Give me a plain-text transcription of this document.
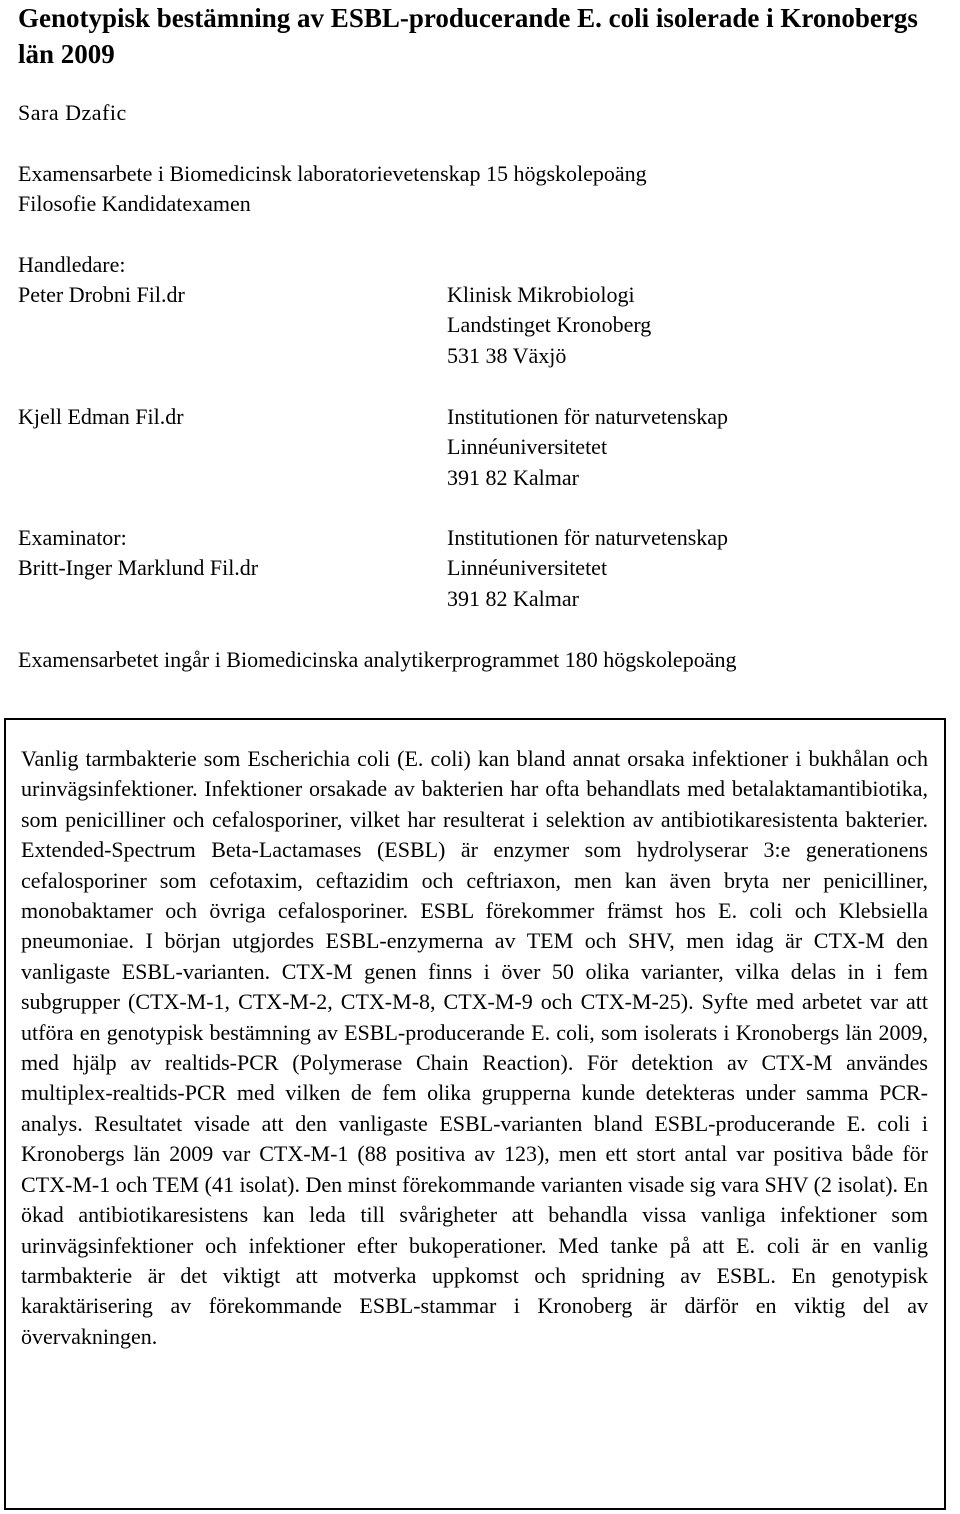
Genotypisk bestämning av ESBL-producerande E. coli isolerade i Kronobergs län 2009

Sara Dzafic

Examensarbete i Biomedicinsk laboratorievetenskap 15 högskolepoäng

Filosofie Kandidatexamen

Handledare:

Peter Drobni Fil.dr	Klinisk Mikrobiologi

Landstinget Kronoberg

531 38 Växjö

Kjell Edman Fil.dr	Institutionen för naturvetenskap

Linnéuniversitetet

391 82 Kalmar

Examinator:

Britt-Inger Marklund Fil.dr

Institutionen för naturvetenskap

Linnéuniversitetet

391 82 Kalmar

Examensarbetet ingår i Biomedicinska analytikerprogrammet 180 högskolepoäng

Vanlig tarmbakterie som Escherichia coli (E. coli) kan bland annat orsaka infektioner i bukhålan och urinvägsinfektioner. Infektioner orsakade av bakterien har ofta behandlats med betalaktamantibiotika, som penicilliner och cefalosporiner, vilket har resulterat i selektion av antibiotikaresistenta bakterier. Extended-Spectrum Beta-Lactamases (ESBL) är enzymer som hydrolyserar 3:e generationens cefalosporiner som cefotaxim, ceftazidim och ceftriaxon, men kan även bryta ner penicilliner, monobaktamer och övriga cefalosporiner. ESBL förekommer främst hos E. coli och Klebsiella pneumoniae. I början utgjordes ESBL-enzymerna av TEM och SHV, men idag är CTX-M den vanligaste ESBL-varianten. CTX-M genen finns i över 50 olika varianter, vilka delas in i fem subgrupper (CTX-M-1, CTX-M-2, CTX-M-8, CTX-M-9 och CTX-M-25). Syfte med arbetet var att utföra en genotypisk bestämning av ESBL-producerande E. coli, som isolerats i Kronobergs län 2009, med hjälp av realtids-PCR (Polymerase Chain Reaction). För detektion av CTX-M användes multiplex-realtids-PCR med vilken de fem olika grupperna kunde detekteras under samma PCR-analys. Resultatet visade att den vanligaste ESBL-varianten bland ESBL-producerande E. coli i Kronobergs län 2009 var CTX-M-1 (88 positiva av 123), men ett stort antal var positiva både för CTX-M-1 och TEM (41 isolat). Den minst förekommande varianten visade sig vara SHV (2 isolat). En ökad antibiotikaresistens kan leda till svårigheter att behandla vissa vanliga infektioner som urinvägsinfektioner och infektioner efter bukoperationer. Med tanke på att E. coli är en vanlig tarmbakterie är det viktigt att motverka uppkomst och spridning av ESBL. En genotypisk karaktärisering av förekommande ESBL-stammar i Kronoberg är därför en viktig del av övervakningen.
